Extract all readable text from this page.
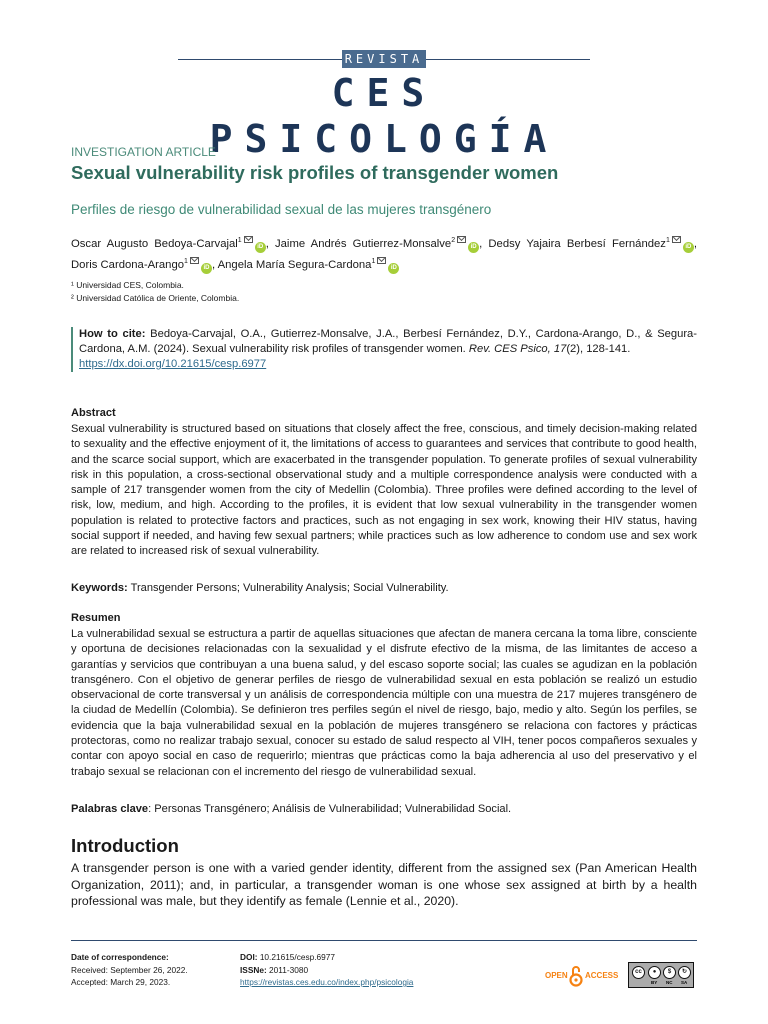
REVISTA
CES PSICOLOGÍA
INVESTIGATION ARTICLE
Sexual vulnerability risk profiles of transgender women
Perfiles de riesgo de vulnerabilidad sexual de las mujeres transgénero
Oscar Augusto Bedoya-Carvajal$^1$iD , Jaime Andrés Gutierrez-Monsalve$^2$iD , Dedsy Yajaira Berbesí Fernández$^1$iD , Doris Cardona-Arango$^1$iD , Angela María Segura-Cardona$^1$iD
¹ Universidad CES, Colombia.
² Universidad Católica de Oriente, Colombia.
How to cite: Bedoya-Carvajal, O.A., Gutierrez-Monsalve, J.A., Berbesí Fernández, D.Y., Cardona-Arango, D., & Segura-Cardona, A.M. (2024). Sexual vulnerability risk profiles of transgender women. Rev. CES Psico, 17(2), 128-141.
https://dx.doi.org/10.21615/cesp.6977
Abstract
Sexual vulnerability is structured based on situations that closely affect the free, conscious, and timely decision-making related to sexuality and the effective enjoyment of it, the limitations of access to guarantees and services that contribute to good health, and the scarce social support, which are exacerbated in the transgender population. To generate profiles of sexual vulnerability risk in this population, a cross-sectional observational study and a multiple correspondence analysis were conducted with a sample of 217 transgender women from the city of Medellin (Colombia). Three profiles were defined according to the level of risk, low, medium, and high. According to the profiles, it is evident that low sexual vulnerability in the transgender women population is related to protective factors and practices, such as not engaging in sex work, knowing their HIV status, having social support if needed, and having few sexual partners; while practices such as low adherence to condom use and sex work are related to increased risk of sexual vulnerability.
Keywords: Transgender Persons; Vulnerability Analysis; Social Vulnerability.
Resumen
La vulnerabilidad sexual se estructura a partir de aquellas situaciones que afectan de manera cercana la toma libre, consciente y oportuna de decisiones relacionadas con la sexualidad y el disfrute efectivo de la misma, de las limitantes de acceso a garantías y servicios que contribuyan a una buena salud, y del escaso soporte social; las cuales se agudizan en la población transgénero. Con el objetivo de generar perfiles de riesgo de vulnerabilidad sexual en esta población se realizó un estudio observacional de corte transversal y un análisis de correspondencia múltiple con una muestra de 217 mujeres transgénero de la ciudad de Medellín (Colombia). Se definieron tres perfiles según el nivel de riesgo, bajo, medio y alto. Según los perfiles, se evidencia que la baja vulnerabilidad sexual en la población de mujeres transgénero se relaciona con factores y prácticas protectoras, como no realizar trabajo sexual, conocer su estado de salud respecto al VIH, tener pocos compañeros sexuales y contar con apoyo social en caso de requerirlo; mientras que prácticas como la baja adherencia al uso del preservativo y el trabajo sexual se relacionan con el incremento del riesgo de vulnerabilidad sexual.
Palabras clave: Personas Transgénero; Análisis de Vulnerabilidad; Vulnerabilidad Social.
Introduction
A transgender person is one with a varied gender identity, different from the assigned sex (Pan American Health Organization, 2011); and, in particular, a transgender woman is one whose sex assigned at birth by a health professional was male, but they identify as female (Lennie et al., 2020).
Date of correspondence:
Received: September 26, 2022.
Accepted: March 29, 2023.
DOI: 10.21615/cesp.6977
ISSNe: 2011-3080
https://revistas.ces.edu.co/index.php/psicologia
OPEN ACCESS	cc	●	$	↻
BY NC SA
